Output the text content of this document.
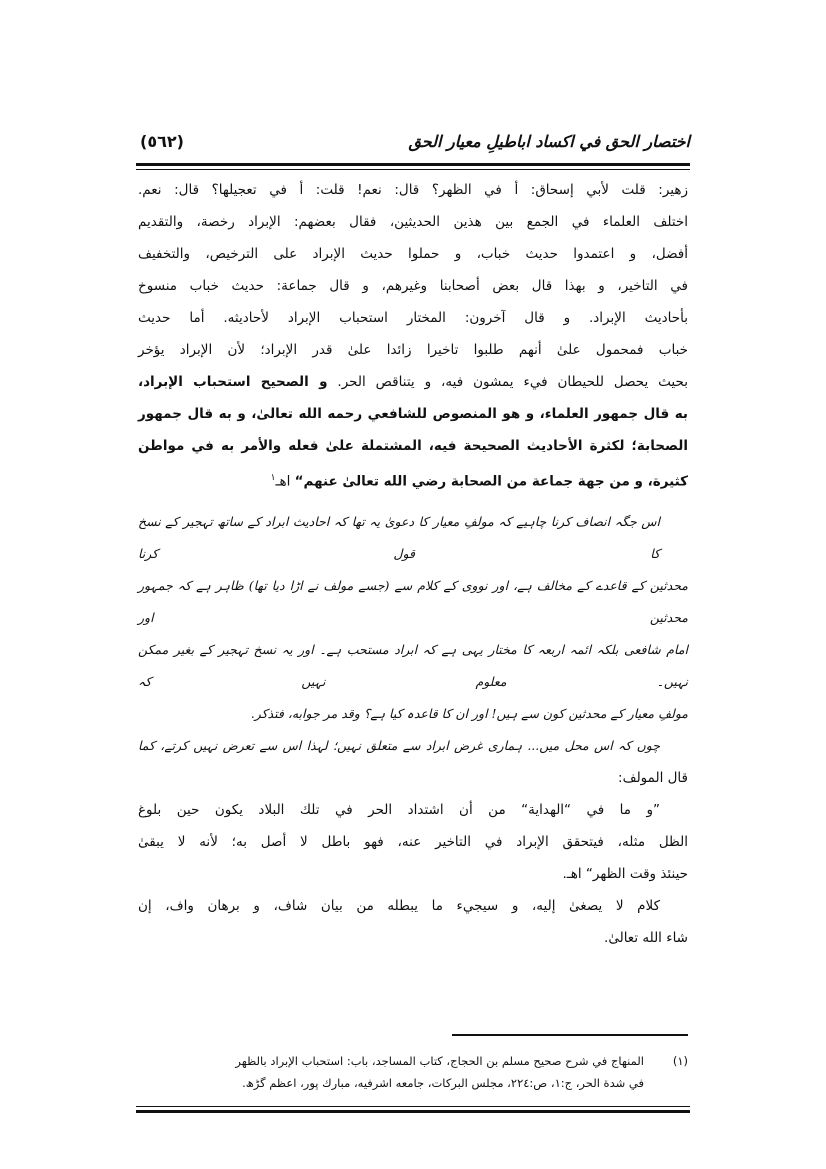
اختصار الحق في اكساد اباطيلِ معيار الحق
(٥٦٢)
زهير: قلت لأبي إسحاق: أ في الظهر؟ قال: نعم! قلت: أ في تعجيلها؟ قال: نعم.
اختلف العلماء في الجمع بين هذين الحديثين، فقال بعضهم: الإبراد رخصة، والتقديم
أفضل، و اعتمدوا حديث خباب، و حملوا حديث الإبراد على الترخيص، والتخفيف
في التاخير، و بهذا قال بعض أصحابنا وغيرهم، و قال جماعة: حديث خباب منسوخ
بأحاديث الإبراد. و قال آخرون: المختار استحباب الإبراد لأحاديثه. أما حديث
خباب فمحمول علیٰ أنهم طلبوا تاخيرا زائدا علیٰ قدر الإبراد؛ لأن الإبراد يؤخر
بحيث يحصل للحيطان فيء يمشون فيه، و يتناقص الحر. و الصحيح استحباب الإبراد،
به قال جمهور العلماء، و هو المنصوص للشافعي رحمه الله تعالیٰ، و به قال جمهور
الصحابة؛ لكثرة الأحاديث الصحيحة فيه، المشتملة علیٰ فعله والأمر به في مواطن
كثيرة، و من جهة جماعة من الصحابة رضي الله تعالیٰ عنهم“ اهـ$^١$
اس جگہ انصاف کرنا چاہیے کہ مولفِ معیار کا دعویٰ یہ تھا کہ احادیث ابراد کے ساتھ تہجیر کے نسخ کا قول کرنا
محدثین کے قاعدے کے مخالف ہے، اور نووی کے کلام سے (جسے مولف نے اڑا دیا تھا) ظاہر ہے کہ جمہور محدثین اور
امام شافعی بلکہ ائمہ اربعہ کا مختار یہی ہے کہ ابراد مستحب ہے۔ اور یہ نسخ تہجیر کے بغیر ممکن نہیں۔ معلوم نہیں کہ
مولفِ معیار کے محدثین کون سے ہیں! اور ان کا قاعدہ کیا ہے؟ وقد مر جوابه، فتذكر.
چوں کہ اس محل میں... ہماری غرض ابراد سے متعلق نہیں؛ لہذا اس سے تعرض نہیں کرتے، کما
قال المولف:
”و ما في “الهداية“ من أن اشتداد الحر في تلك البلاد يكون حين بلوغ
الظل مثله، فيتحقق الإبراد في التاخير عنه، فهو باطل لا أصل به؛ لأنه لا يبقیٰ
حينئذ وقت الظهر“ اهـ.
كلام لا يصغیٰ إليه، و سيجيء ما يبطله من بيان شاف، و برهان واف، إن
شاء الله تعالیٰ.
(١)
المنهاج في شرح صحيح مسلم بن الحجاج، كتاب المساجد، باب: استحباب الإبراد بالظهر
في شدة الحر، ج:١، ص:٢٢٤، مجلس البركات، جامعه اشرفيه، مبارك پور، اعظم گڑھ.
